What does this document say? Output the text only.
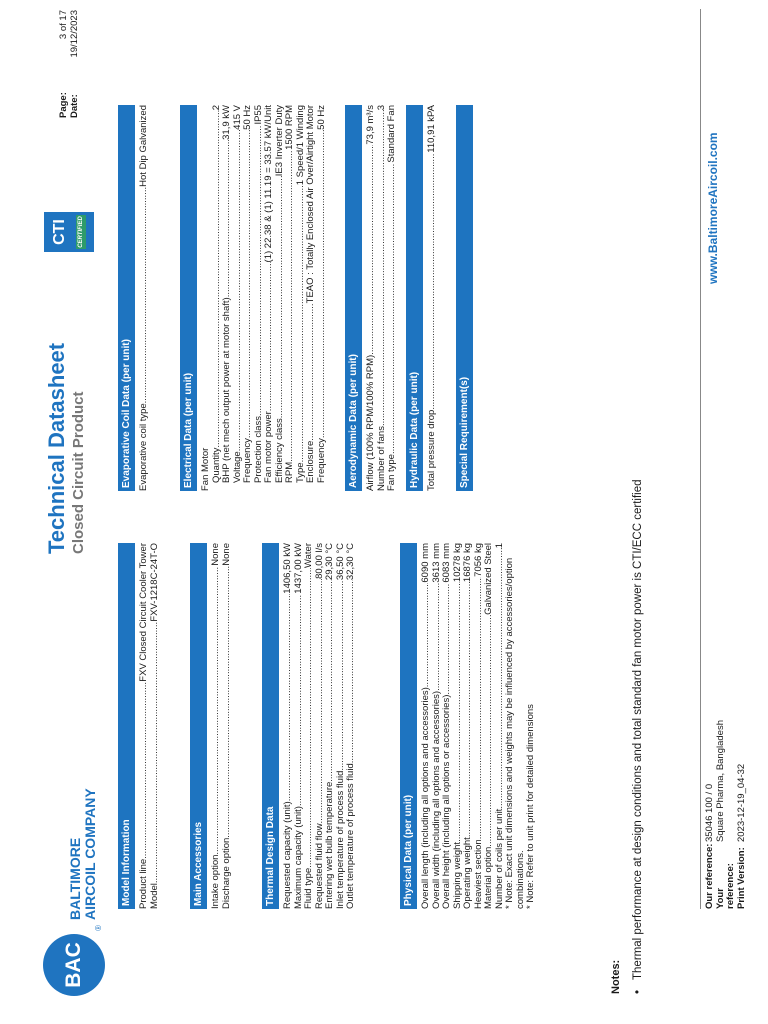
BAC
®
BALTIMORE AIRCOIL COMPANY
Technical Datasheet Closed Circuit Product
CTI	CERTIFIED
Page:
3 of 17
Date:
19/12/2023
Model Information Product line
.....
FXV Closed Circuit Cooler Tower
Model
.....
FXV-1218C-24T-O
Main Accessories Intake option
.....
None
Discharge option
.....
None
Thermal Design Data Requested capacity (unit)
.....
1406,50 kW
Maximum capacity (unit)
.....
1437,00 kW
Fluid type
.....
Water
Requested fluid flow
.....
80,00 l/s
Entering wet bulb temperature
.....
29,30 °C
Inlet temperature of process fluid
.....
36,50 °C
Outlet temperature of process fluid
.....
32,30 °C
Physical Data (per unit) Overall length (including all options and accessories)
.....
6090 mm
Overall width (including all options and accessories)
.....
3613 mm
Overall height (including all options or accessories)
.....
6083 mm
Shipping weight
.....
10278 kg
Operating weight
.....
16876 kg
Heaviest section
.....
7056 kg
Material option
.....
Galvanized Steel
Number of coils per unit
.....
1
* Note: Exact unit dimensions and weights may be influenced by accessories/option combinations. * Note: Refer to unit print for detailed dimensions
Evaporative Coil Data (per unit) Evaporative coil type
.....
Hot Dip Galvanized
Electrical Data (per unit) Fan Motor Quantity
.....
2
BHP (net mech output power at motor shaft)
.....
31,9 kW
Voltage
.....
415 V
Frequency
.....
50 Hz
Protection class
.....
IP55
Fan motor power
.....
(1) 22.38 & (1) 11.19 = 33.57 kW/Unit
Efficiency class
.....
IE3 Inverter Duty
RPM
.....
1500 RPM
Type
.....
1 Speed/1 Winding
Enclosure
.....
TEAO : Totally Enclosed Air Over/Airtight Motor
Frequency
.....
50 Hz
Aerodynamic Data (per unit) Airflow (100% RPM/100% RPM)
.....
73,9 m³/s
Number of fans
.....
3
Fan type
.....
Standard Fan
Hydraulic Data (per unit) Total pressure drop
.....
110,91 kPA
Special Requirement(s)
Notes: •
Thermal performance at design conditions and total standard fan motor power is CTI/ECC certified	Our reference:
35046 100 / 0
Your reference:
Square Pharma, Bangladesh
Print Version:
2023-12-19_04-32
www.BaltimoreAircoil.com
